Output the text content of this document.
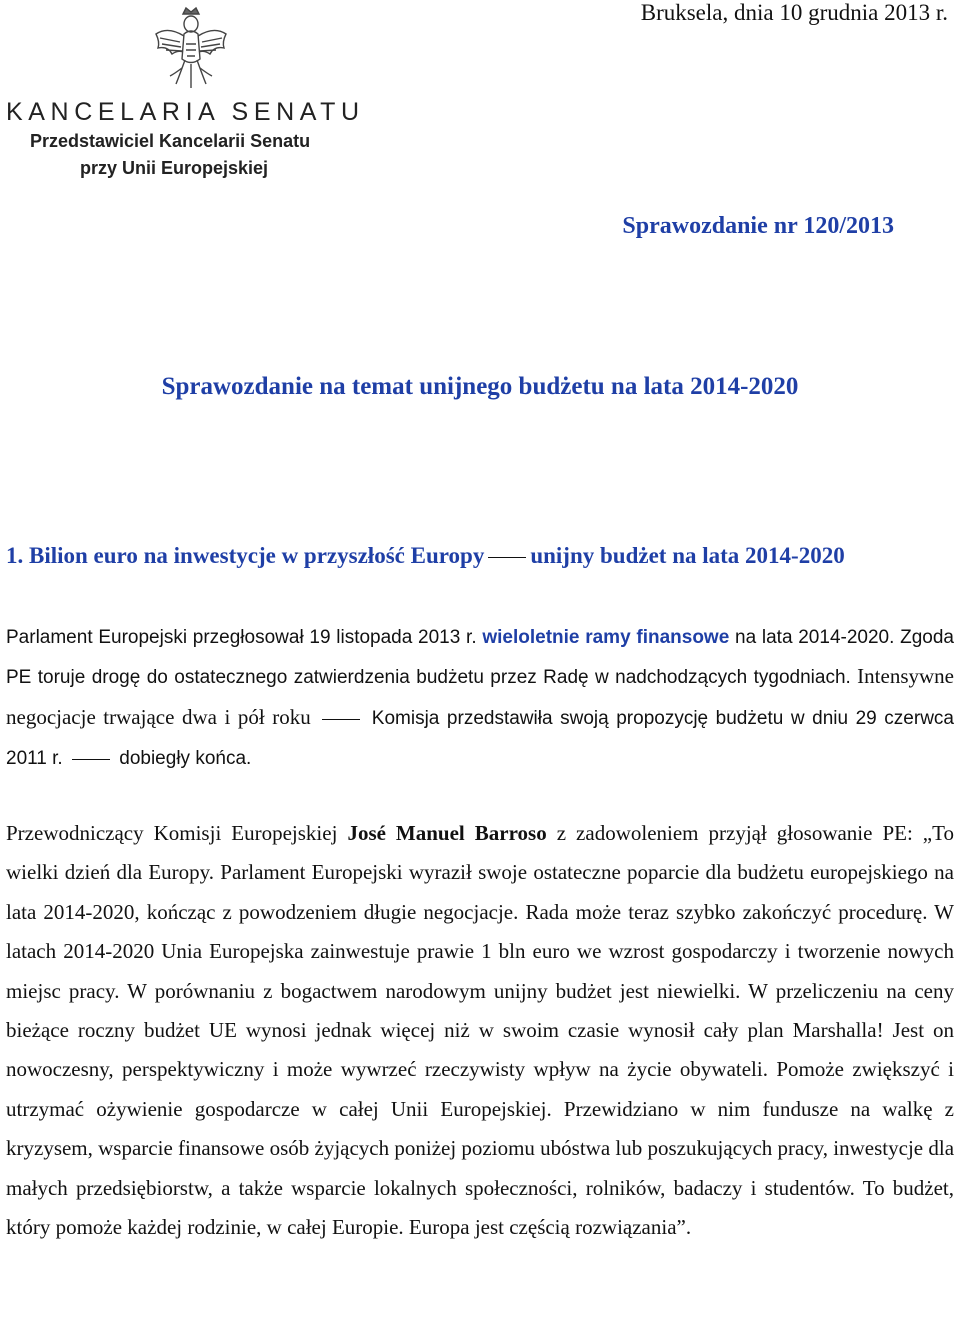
Bruksela, dnia 10 grudnia 2013 r.
KANCELARIA SENATU
Przedstawiciel Kancelarii Senatu
przy Unii Europejskiej
Sprawozdanie nr 120/2013
Sprawozdanie na temat unijnego budżetu na lata 2014-2020
1. Bilion euro na inwestycje w przyszłość Europy unijny budżet na lata 2014-2020

Parlament Europejski przegłosował 19 listopada 2013 r. wieloletnie ramy finansowe na lata 2014-2020. Zgoda PE toruje drogę do ostatecznego zatwierdzenia budżetu przez Radę w nadchodzących tygodniach. Intensywne negocjacje trwające dwa i pół roku  Komisja przedstawiła swoją propozycję budżetu w dniu 29 czerwca 2011 r.  dobiegły końca.

Przewodniczący Komisji Europejskiej José Manuel Barroso z zadowoleniem przyjął głosowanie PE: „To wielki dzień dla Europy. Parlament Europejski wyraził swoje ostateczne poparcie dla budżetu europejskiego na lata 2014-2020, kończąc z powodzeniem długie negocjacje. Rada może teraz szybko zakończyć procedurę. W latach 2014-2020 Unia Europejska zainwestuje prawie 1 bln euro we wzrost gospodarczy i tworzenie nowych miejsc pracy. W porównaniu z bogactwem narodowym unijny budżet jest niewielki. W przeliczeniu na ceny bieżące roczny budżet UE wynosi jednak więcej niż w swoim czasie wynosił cały plan Marshalla! Jest on nowoczesny, perspektywiczny i może wywrzeć rzeczywisty wpływ na życie obywateli. Pomoże zwiększyć i utrzymać ożywienie gospodarcze w całej Unii Europejskiej. Przewidziano w nim fundusze na walkę z kryzysem, wsparcie finansowe osób żyjących poniżej poziomu ubóstwa lub poszukujących pracy, inwestycje dla małych przedsiębiorstw, a także wsparcie lokalnych społeczności, rolników, badaczy i studentów. To budżet, który pomoże każdej rodzinie, w całej Europie. Europa jest częścią rozwiązania”.
